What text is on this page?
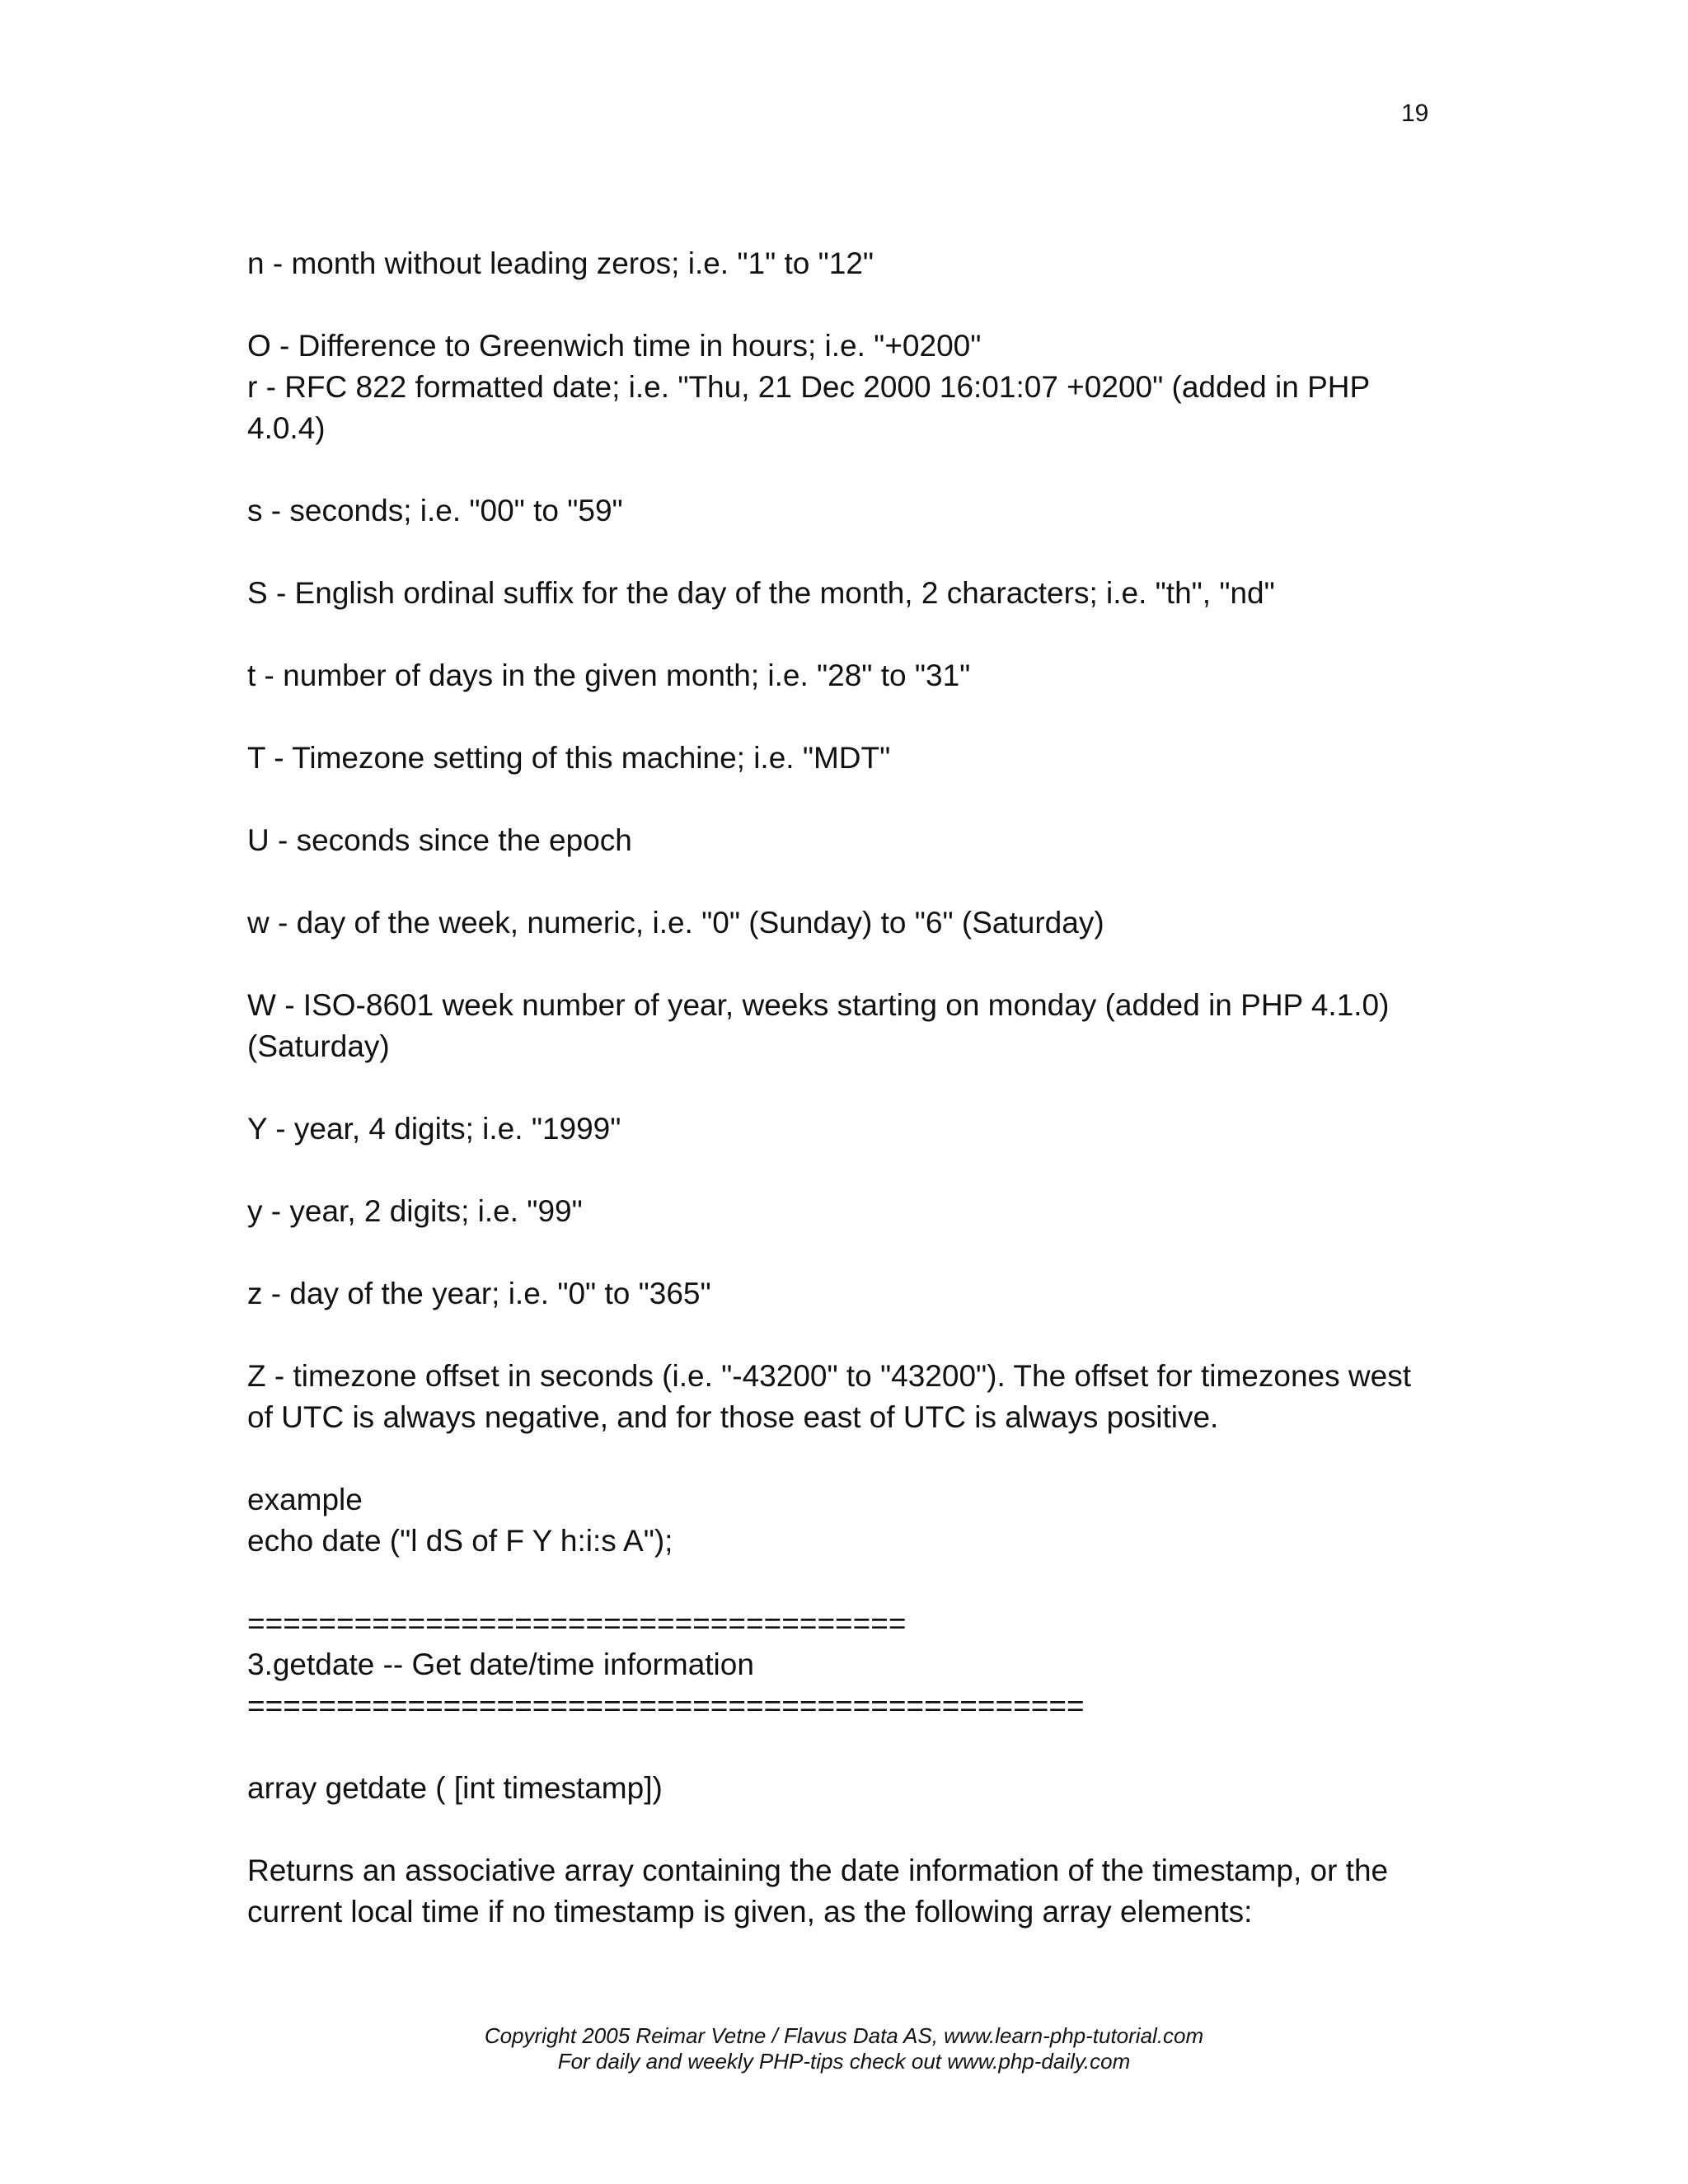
19
n - month without leading zeros; i.e. "1" to "12"
O - Difference to Greenwich time in hours; i.e. "+0200"
r - RFC 822 formatted date; i.e. "Thu, 21 Dec 2000 16:01:07 +0200" (added in PHP
4.0.4)
s - seconds; i.e. "00" to "59"
S - English ordinal suffix for the day of the month, 2 characters; i.e. "th", "nd"
t - number of days in the given month; i.e. "28" to "31"
T - Timezone setting of this machine; i.e. "MDT"
U - seconds since the epoch
w - day of the week, numeric, i.e. "0" (Sunday) to "6" (Saturday)
W - ISO-8601 week number of year, weeks starting on monday (added in PHP 4.1.0)
(Saturday)
Y - year, 4 digits; i.e. "1999"
y - year, 2 digits; i.e. "99"
z - day of the year; i.e. "0" to "365"
Z - timezone offset in seconds (i.e. "-43200" to "43200"). The offset for timezones west
of UTC is always negative, and for those east of UTC is always positive.
example
echo date ("l dS of F Y h:i:s A");
=====================================
3.getdate -- Get date/time information
===============================================
array getdate ( [int timestamp])
Returns an associative array containing the date information of the timestamp, or the
current local time if no timestamp is given, as the following array elements:
Copyright 2005 Reimar Vetne / Flavus Data AS, www.learn-php-tutorial.com
For daily and weekly PHP-tips check out www.php-daily.com
